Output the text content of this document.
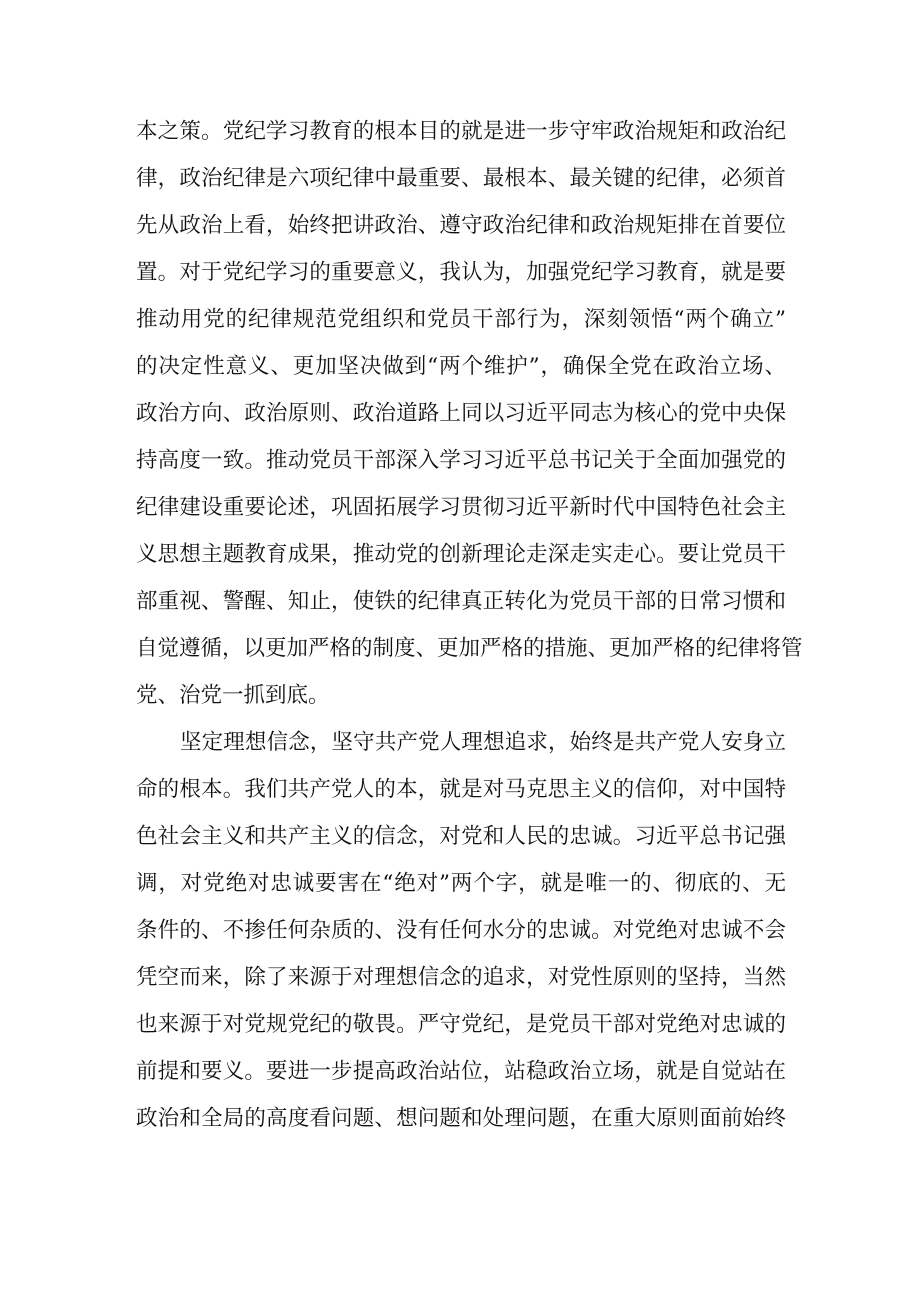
本之策。党纪学习教育的根本目的就是进一步守牢政治规矩和政治纪
律，政治纪律是六项纪律中最重要、最根本、最关键的纪律，必须首
先从政治上看，始终把讲政治、遵守政治纪律和政治规矩排在首要位
置。对于党纪学习的重要意义，我认为，加强党纪学习教育，就是要
推动用党的纪律规范党组织和党员干部行为，深刻领悟“两个确立”
的决定性意义、更加坚决做到“两个维护”，确保全党在政治立场、
政治方向、政治原则、政治道路上同以习近平同志为核心的党中央保
持高度一致。推动党员干部深入学习习近平总书记关于全面加强党的
纪律建设重要论述，巩固拓展学习贯彻习近平新时代中国特色社会主
义思想主题教育成果，推动党的创新理论走深走实走心。要让党员干
部重视、警醒、知止，使铁的纪律真正转化为党员干部的日常习惯和
自觉遵循，以更加严格的制度、更加严格的措施、更加严格的纪律将管
党、治党一抓到底。
坚定理想信念，坚守共产党人理想追求，始终是共产党人安身立
命的根本。我们共产党人的本，就是对马克思主义的信仰，对中国特
色社会主义和共产主义的信念，对党和人民的忠诚。习近平总书记强
调，对党绝对忠诚要害在“绝对”两个字，就是唯一的、彻底的、无
条件的、不掺任何杂质的、没有任何水分的忠诚。对党绝对忠诚不会
凭空而来，除了来源于对理想信念的追求，对党性原则的坚持，当然
也来源于对党规党纪的敬畏。严守党纪，是党员干部对党绝对忠诚的
前提和要义。要进一步提高政治站位，站稳政治立场，就是自觉站在
政治和全局的高度看问题、想问题和处理问题，在重大原则面前始终
